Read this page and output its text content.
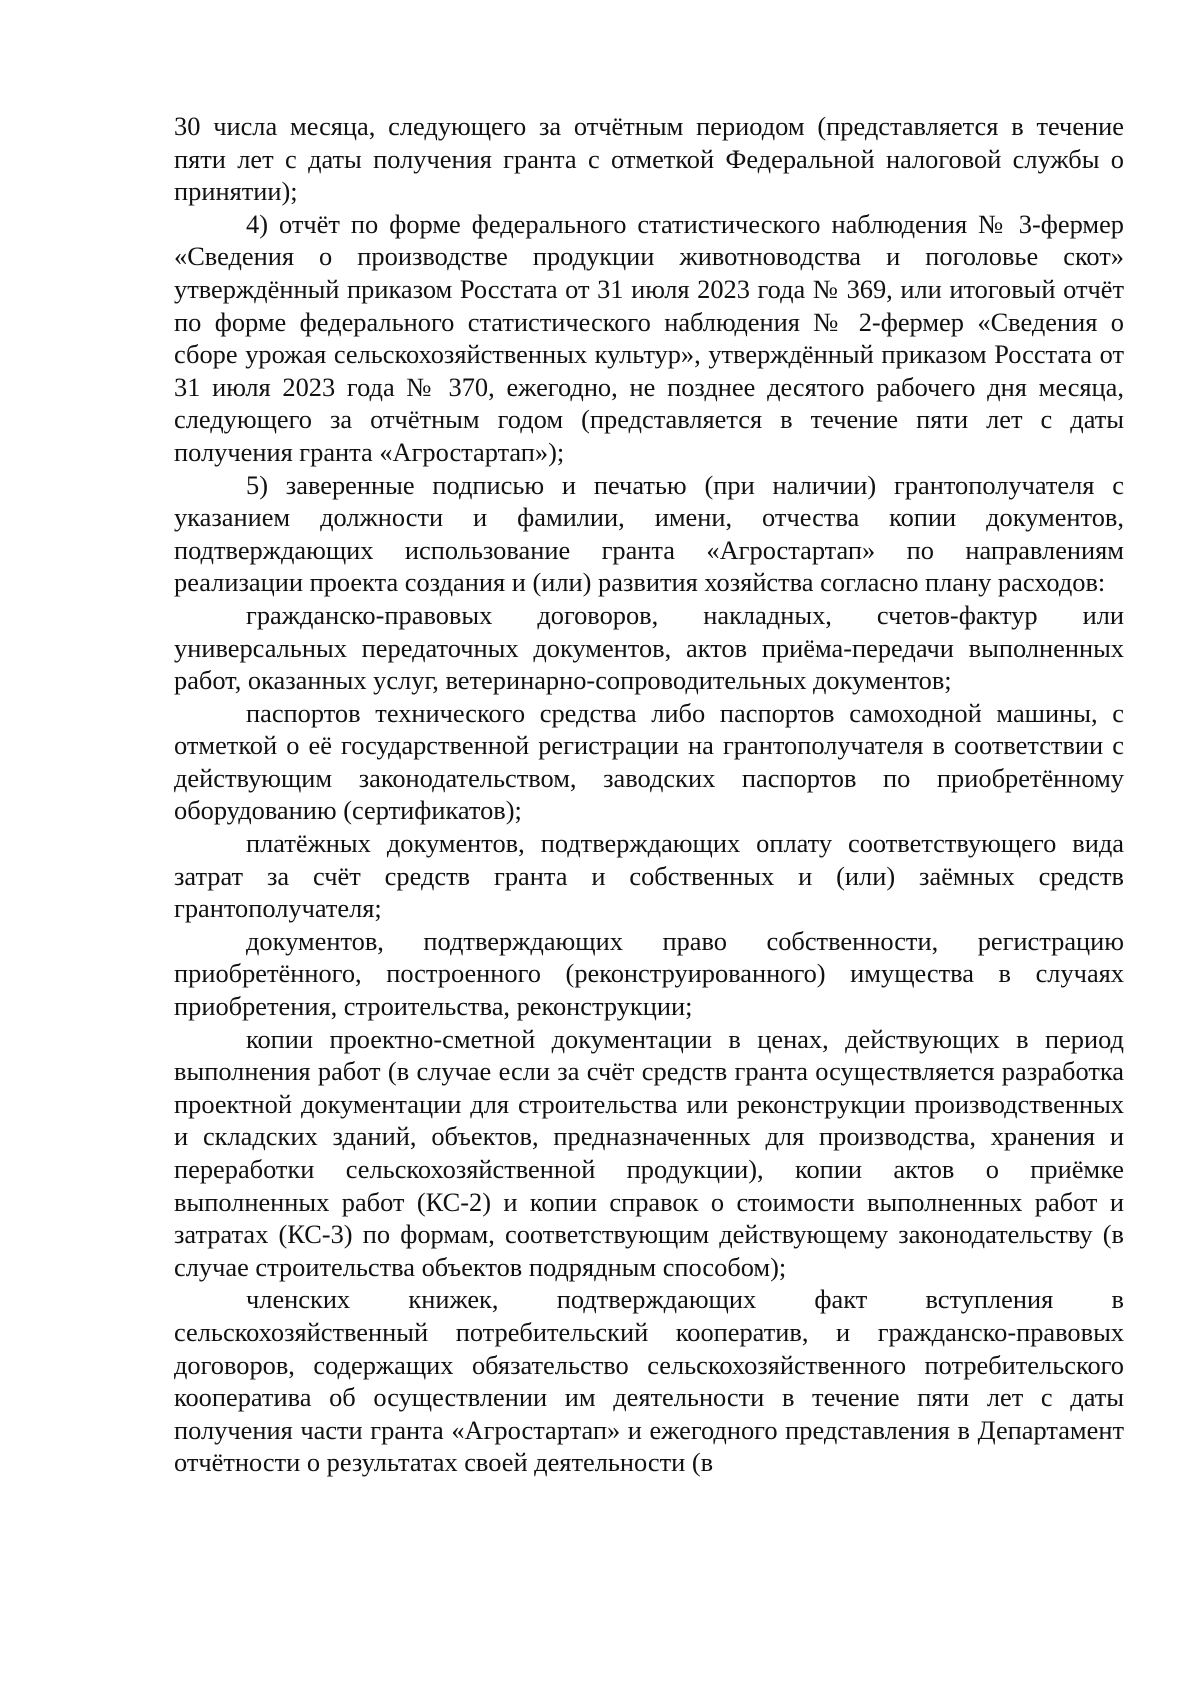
30 числа месяца, следующего за отчётным периодом (представляется в течение пяти лет с даты получения гранта с отметкой Федеральной налоговой службы о принятии);

4) отчёт по форме федерального статистического наблюдения № 3-фермер «Сведения о производстве продукции животноводства и поголовье скот» утверждённый приказом Росстата от 31 июля 2023 года № 369, или итоговый отчёт по форме федерального статистического наблюдения № 2-фермер «Сведения о сборе урожая сельскохозяйственных культур», утверждённый приказом Росстата от 31 июля 2023 года № 370, ежегодно, не позднее десятого рабочего дня месяца, следующего за отчётным годом (представляется в течение пяти лет с даты получения гранта «Агростартап»);

5) заверенные подписью и печатью (при наличии) грантополучателя с указанием должности и фамилии, имени, отчества копии документов, подтверждающих использование гранта «Агростартап» по направлениям реализации проекта создания и (или) развития хозяйства согласно плану расходов:

гражданско-правовых договоров, накладных, счетов-фактур или универсальных передаточных документов, актов приёма-передачи выполненных работ, оказанных услуг, ветеринарно-сопроводительных документов;

паспортов технического средства либо паспортов самоходной машины, с отметкой о её государственной регистрации на грантополучателя в соответствии с действующим законодательством, заводских паспортов по приобретённому оборудованию (сертификатов);

платёжных документов, подтверждающих оплату соответствующего вида затрат за счёт средств гранта и собственных и (или) заёмных средств грантополучателя;

документов, подтверждающих право собственности, регистрацию приобретённого, построенного (реконструированного) имущества в случаях приобретения, строительства, реконструкции;

копии проектно-сметной документации в ценах, действующих в период выполнения работ (в случае если за счёт средств гранта осуществляется разработка проектной документации для строительства или реконструкции производственных и складских зданий, объектов, предназначенных для производства, хранения и переработки сельскохозяйственной продукции), копии актов о приёмке выполненных работ (КС-2) и копии справок о стоимости выполненных работ и затратах (КС-3) по формам, соответствующим действующему законодательству (в случае строительства объектов подрядным способом);

членских книжек, подтверждающих факт вступления в сельскохозяйственный потребительский кооператив, и гражданско-правовых договоров, содержащих обязательство сельскохозяйственного потребительского кооператива об осуществлении им деятельности в течение пяти лет с даты получения части гранта «Агростартап» и ежегодного представления в Департамент отчётности о результатах своей деятельности (в
